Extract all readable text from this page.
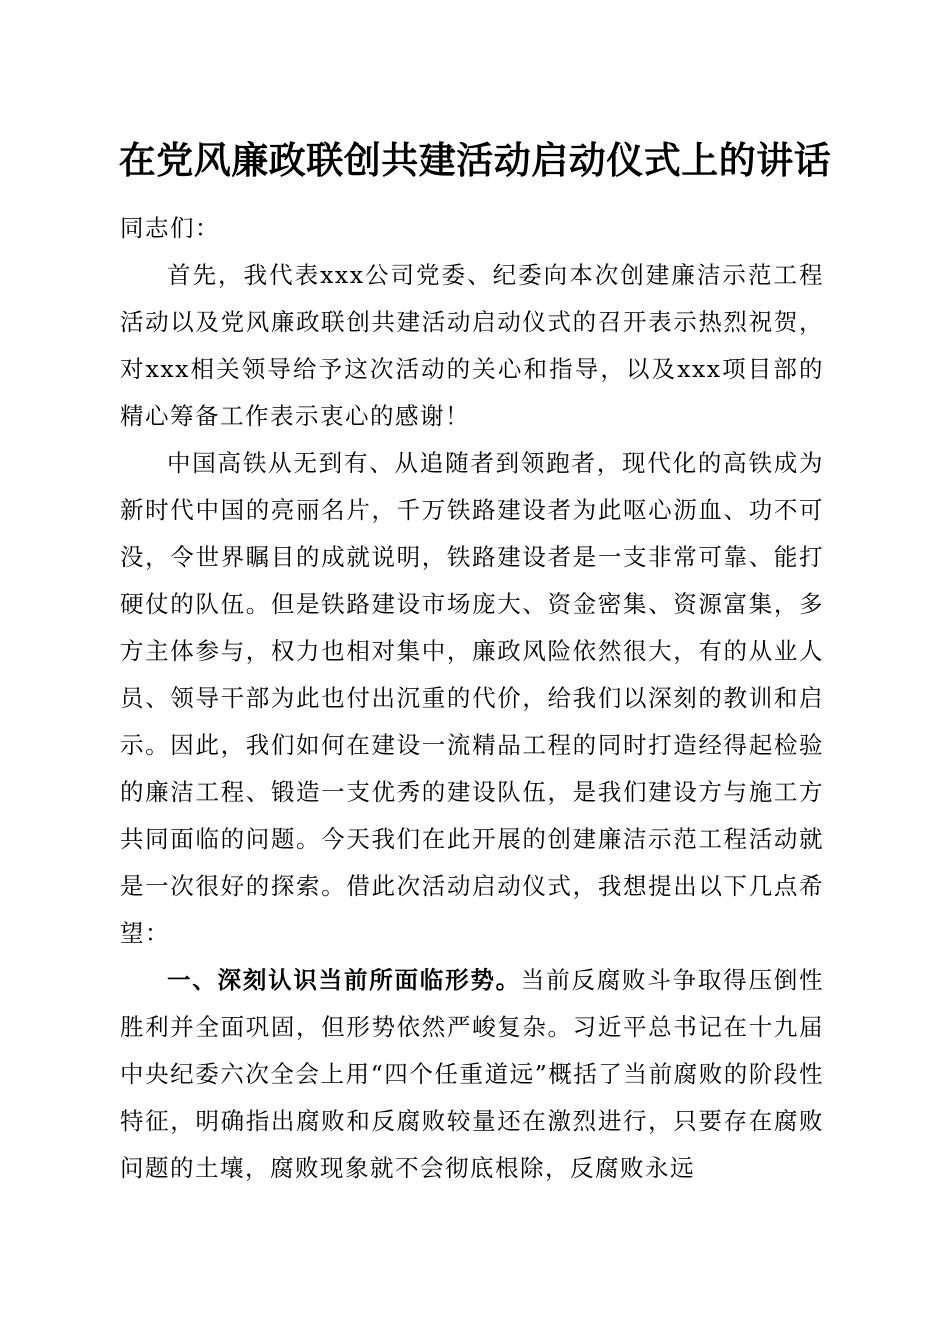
在党风廉政联创共建活动启动仪式上的讲话

同志们：

首先，我代表xxx公司党委、纪委向本次创建廉洁示范工程活动以及党风廉政联创共建活动启动仪式的召开表示热烈祝贺，对xxx相关领导给予这次活动的关心和指导，以及xxx项目部的精心筹备工作表示衷心的感谢！

中国高铁从无到有、从追随者到领跑者，现代化的高铁成为新时代中国的亮丽名片，千万铁路建设者为此呕心沥血、功不可没，令世界瞩目的成就说明，铁路建设者是一支非常可靠、能打硬仗的队伍。但是铁路建设市场庞大、资金密集、资源富集，多方主体参与，权力也相对集中，廉政风险依然很大，有的从业人员、领导干部为此也付出沉重的代价，给我们以深刻的教训和启示。因此，我们如何在建设一流精品工程的同时打造经得起检验的廉洁工程、锻造一支优秀的建设队伍，是我们建设方与施工方共同面临的问题。今天我们在此开展的创建廉洁示范工程活动就是一次很好的探索。借此次活动启动仪式，我想提出以下几点希望：

一、深刻认识当前所面临形势。当前反腐败斗争取得压倒性胜利并全面巩固，但形势依然严峻复杂。习近平总书记在十九届中央纪委六次全会上用“四个任重道远”概括了当前腐败的阶段性特征，明确指出腐败和反腐败较量还在激烈进行，只要存在腐败问题的土壤，腐败现象就不会彻底根除，反腐败永远
